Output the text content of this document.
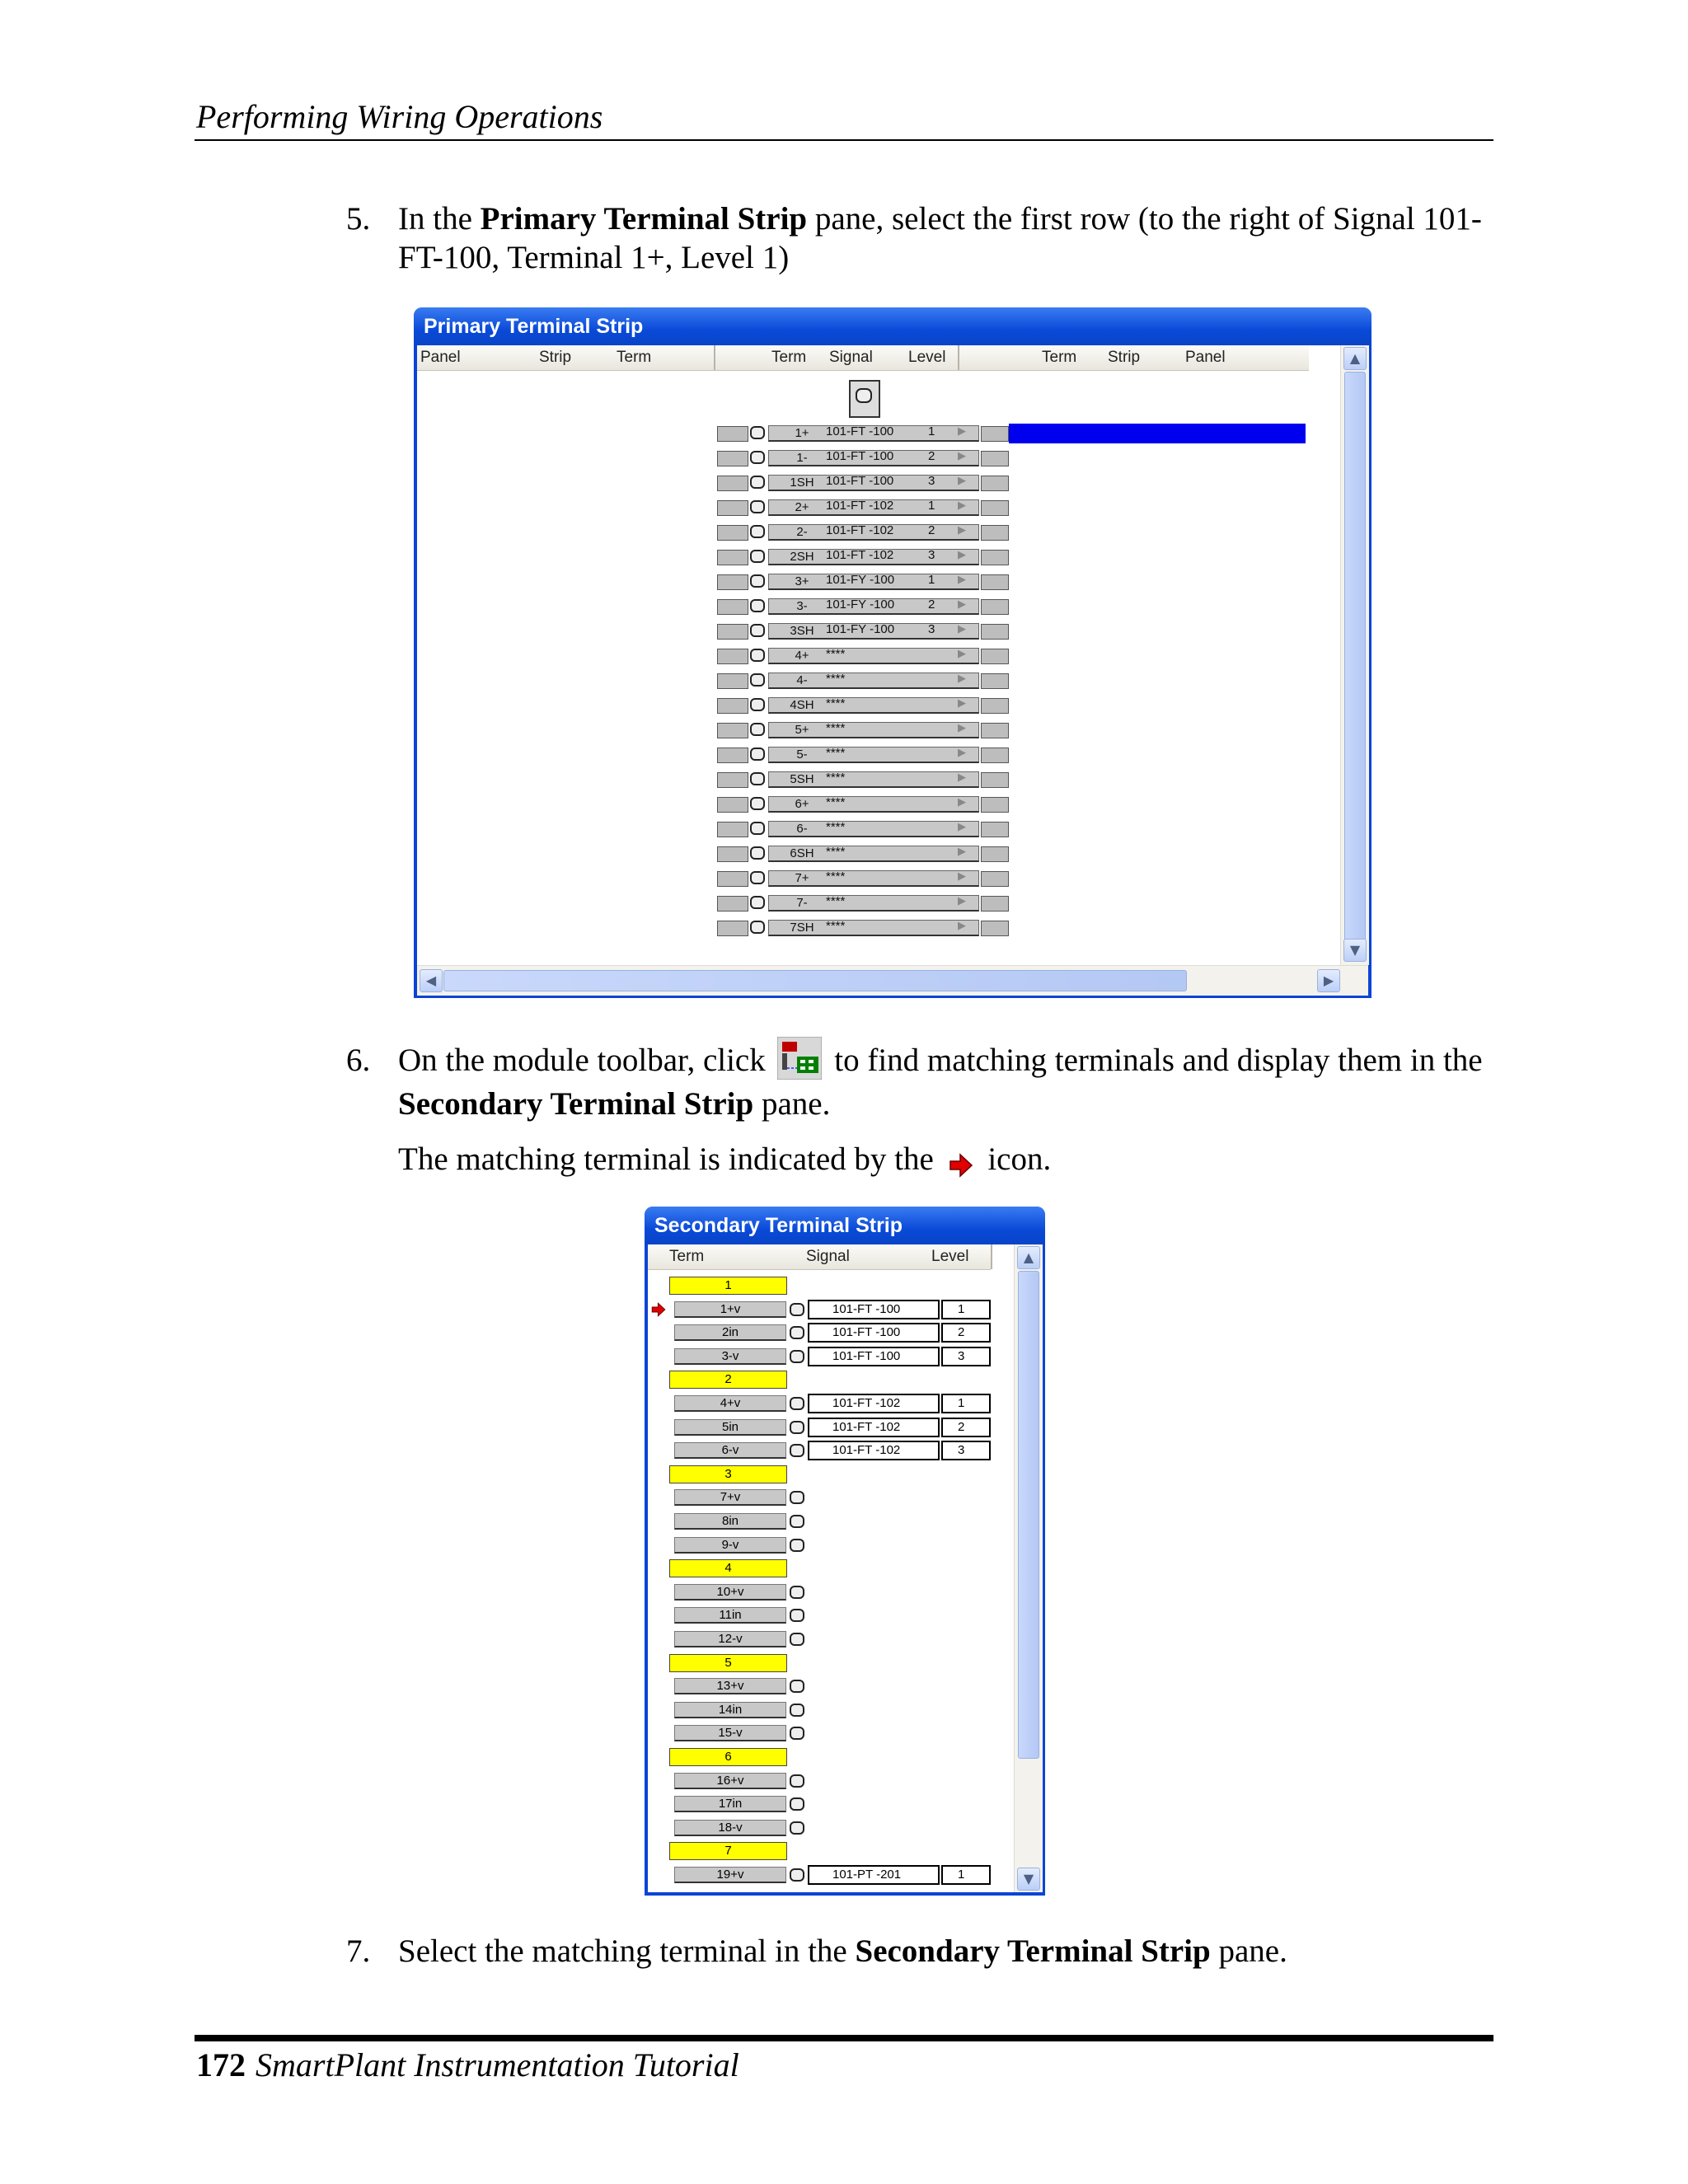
Performing Wiring Operations
5. In the Primary Terminal Strip pane, select the first row (to the right of Signal 101-FT-100, Terminal 1+, Level 1)
Primary Terminal Strip
Panel	Strip	Term	Term Signal Level	Term Strip	Panel
1+	101-FT -100	1 ▶
1-	101-FT -100	2 ▶
1SH 101-FT -100	3 ▶
2+	101-FT -102	1 ▶
2-	101-FT -102	2 ▶
2SH 101-FT -102	3 ▶
3+	101-FY -100	1 ▶
3-	101-FY -100	2 ▶
3SH 101-FY -100	3 ▶
4+	****	▶
4-	****	▶
4SH ****	▶
5+	****	▶
5-	****	▶
5SH ****	▶
6+	****	▶
6-	****	▶
6SH ****	▶
7+	****	▶
7-	****	▶
7SH ****	▶
▲
▼
◀	▶
6. On the module toolbar, click  to find matching terminals and display them in the Secondary Terminal Strip pane.
The matching terminal is indicated by the  icon.
Secondary Terminal Strip
Term	Signal	Level
1
1+v	101-FT -100	1
2in	101-FT -100	2
3-v	101-FT -100	3
2
4+v	101-FT -102	1
5in	101-FT -102	2
6-v	101-FT -102	3
3
7+v
8in
9-v
4
10+v
11in
12-v
5
13+v
14in
15-v
6
16+v
17in
18-v
7
19+v	101-PT -201	1
▲
▼
7. Select the matching terminal in the Secondary Terminal Strip pane.
172 SmartPlant Instrumentation Tutorial
